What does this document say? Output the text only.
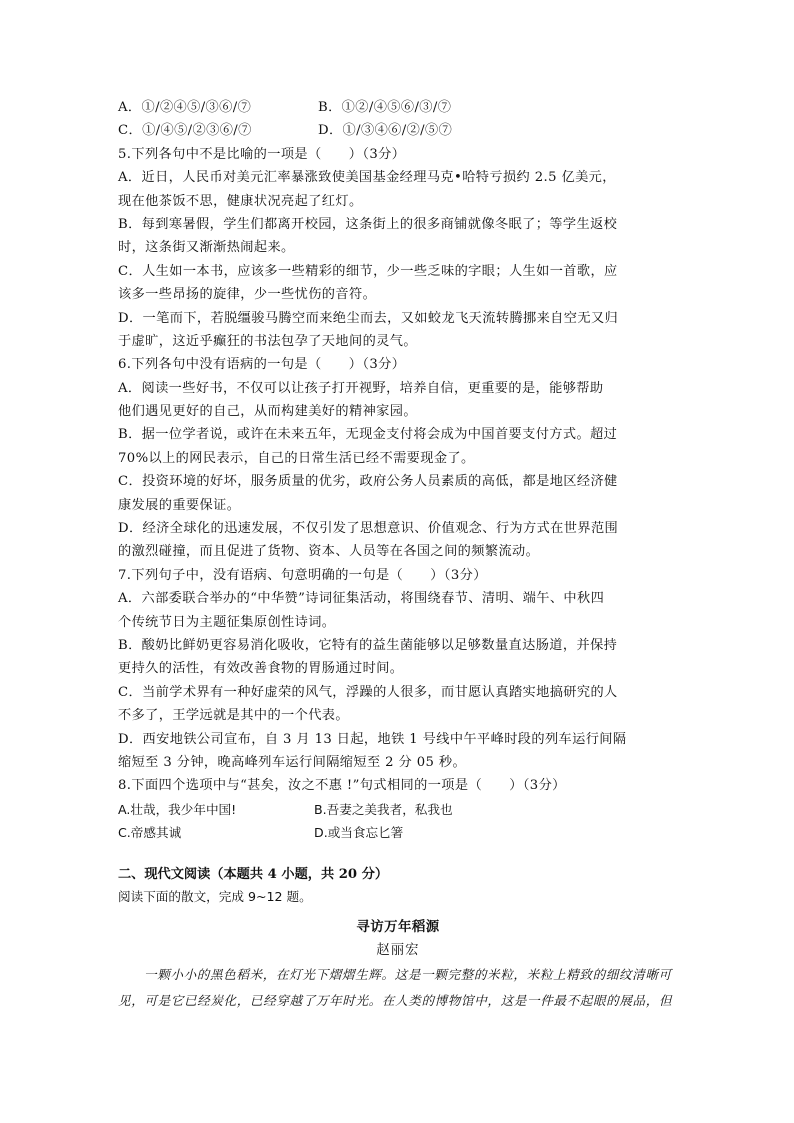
A．①/②④⑤/③⑥/⑦	B．①②/④⑤⑥/③/⑦
C．①/④⑤/②③⑥/⑦	D．①/③④⑥/②/⑤⑦
5.下列各句中不是比喻的一项是（　　）（3分）
A．近日，人民币对美元汇率暴涨致使美国基金经理马克•哈特亏损约 2.5 亿美元，
现在他茶饭不思，健康状况亮起了红灯。
B．每到寒暑假，学生们都离开校园，这条街上的很多商铺就像冬眠了；等学生返校
时，这条街又渐渐热闹起来。
C．人生如一本书，应该多一些精彩的细节，少一些乏味的字眼；人生如一首歌，应
该多一些昂扬的旋律，少一些忧伤的音符。
D．一笔而下，若脱缰骏马腾空而来绝尘而去，又如蛟龙飞天流转腾挪来自空无又归
于虚旷，这近乎癫狂的书法包孕了天地间的灵气。
6.下列各句中没有语病的一句是（　　）（3分）
A．阅读一些好书，不仅可以让孩子打开视野，培养自信，更重要的是，能够帮助
他们遇见更好的自己，从而构建美好的精神家园。
B．据一位学者说，或许在未来五年，无现金支付将会成为中国首要支付方式。超过
70%以上的网民表示，自己的日常生活已经不需要现金了。
C．投资环境的好坏，服务质量的优劣，政府公务人员素质的高低，都是地区经济健
康发展的重要保证。
D．经济全球化的迅速发展，不仅引发了思想意识、价值观念、行为方式在世界范围
的激烈碰撞，而且促进了货物、资本、人员等在各国之间的频繁流动。
7.下列句子中，没有语病、句意明确的一句是（　　）（3分）
A．六部委联合举办的“中华赞”诗词征集活动，将围绕春节、清明、端午、中秋四
个传统节日为主题征集原创性诗词。
B．酸奶比鲜奶更容易消化吸收，它特有的益生菌能够以足够数量直达肠道，并保持
更持久的活性，有效改善食物的胃肠通过时间。
C．当前学术界有一种好虚荣的风气，浮躁的人很多，而甘愿认真踏实地搞研究的人
不多了，王学远就是其中的一个代表。
D．西安地铁公司宣布，自 3 月 13 日起，地铁 1 号线中午平峰时段的列车运行间隔
缩短至 3 分钟，晚高峰列车运行间隔缩短至 2 分 05 秒。
8.下面四个选项中与“甚矣，汝之不惠 !”句式相同的一项是（　　）（3分）
A.壮哉，我少年中国!	B.吾妻之美我者，私我也
C.帝感其诚	D.或当食忘匕箸
二、现代文阅读（本题共 4 小题，共 20 分）
阅读下面的散文，完成 9~12 题。
寻访万年稻源
赵丽宏
一颗小小的黑色稻米，在灯光下熠熠生辉。这是一颗完整的米粒，米粒上精致的细纹清晰可
见，可是它已经炭化，已经穿越了万年时光。在人类的博物馆中，这是一件最不起眼的展品，但
